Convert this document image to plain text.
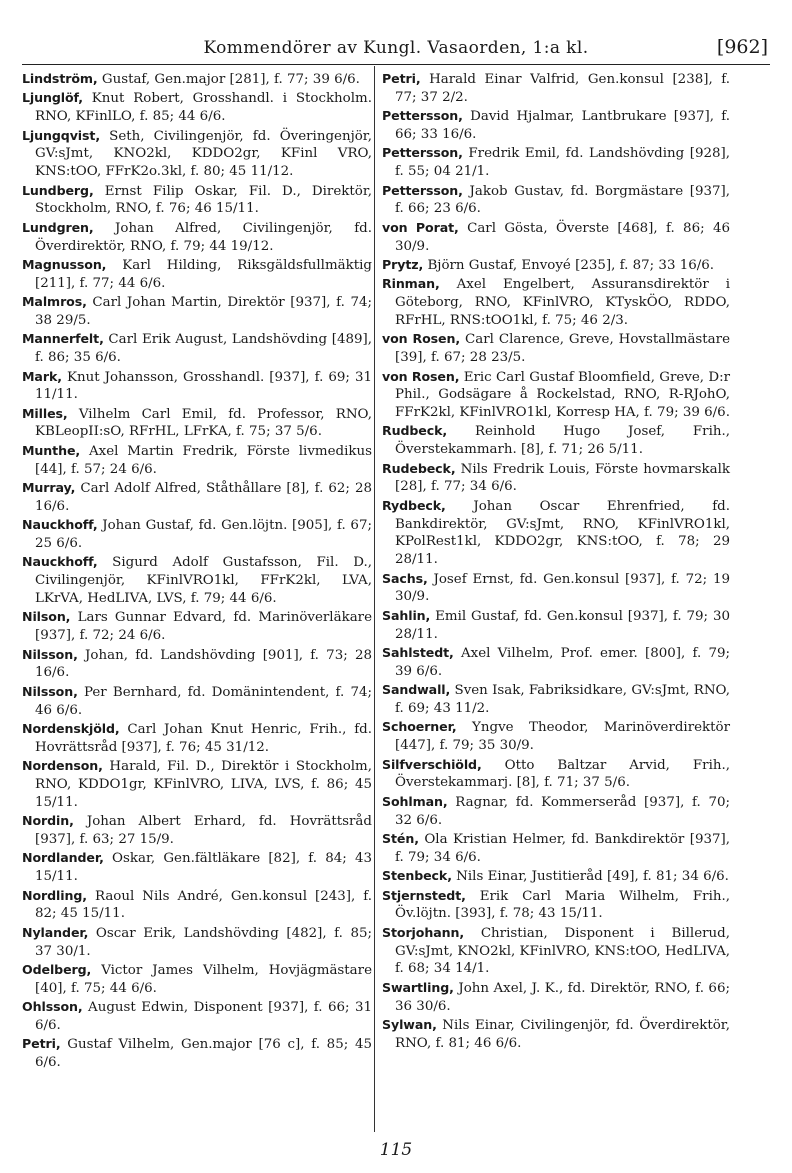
Kommendörer av Kungl. Vasaorden, 1:a kl.	[962]
Lindström, Gustaf, Gen.major [281], f. 77; 39 6/6.
Ljunglöf, Knut Robert, Grosshandl. i Stockholm. RNO, KFinlLO, f. 85; 44 6/6.
Ljungqvist, Seth, Civilingenjör, fd. Överingenjör, GV:sJmt, KNO2kl, KDDO2gr, KFinl VRO, KNS:tOO, FFrK2o.3kl, f. 80; 45 11/12.
Lundberg, Ernst Filip Oskar, Fil. D., Direktör, Stockholm, RNO, f. 76; 46 15/11.
Lundgren, Johan Alfred, Civilingenjör, fd. Överdirektör, RNO, f. 79; 44 19/12.
Magnusson, Karl Hilding, Riksgäldsfullmäktig [211], f. 77; 44 6/6.
Malmros, Carl Johan Martin, Direktör [937], f. 74; 38 29/5.
Mannerfelt, Carl Erik August, Landshövding [489], f. 86; 35 6/6.
Mark, Knut Johansson, Grosshandl. [937], f. 69; 31 11/11.
Milles, Vilhelm Carl Emil, fd. Professor, RNO, KBLeopII:sO, RFrHL, LFrKA, f. 75; 37 5/6.
Munthe, Axel Martin Fredrik, Förste livmedikus [44], f. 57; 24 6/6.
Murray, Carl Adolf Alfred, Ståthållare [8], f. 62; 28 16/6.
Nauckhoff, Johan Gustaf, fd. Gen.löjtn. [905], f. 67; 25 6/6.
Nauckhoff, Sigurd Adolf Gustafsson, Fil. D., Civilingenjör, KFinlVRO1kl, FFrK2kl, LVA, LKrVA, HedLIVA, LVS, f. 79; 44 6/6.
Nilson, Lars Gunnar Edvard, fd. Marinöverläkare [937], f. 72; 24 6/6.
Nilsson, Johan, fd. Landshövding [901], f. 73; 28 16/6.
Nilsson, Per Bernhard, fd. Domänintendent, f. 74; 46 6/6.
Nordenskjöld, Carl Johan Knut Henric, Frih., fd. Hovrättsråd [937], f. 76; 45 31/12.
Nordenson, Harald, Fil. D., Direktör i Stockholm, RNO, KDDO1gr, KFinlVRO, LIVA, LVS, f. 86; 45 15/11.
Nordin, Johan Albert Erhard, fd. Hovrättsråd [937], f. 63; 27 15/9.
Nordlander, Oskar, Gen.fältläkare [82], f. 84; 43 15/11.
Nordling, Raoul Nils André, Gen.konsul [243], f. 82; 45 15/11.
Nylander, Oscar Erik, Landshövding [482], f. 85; 37 30/1.
Odelberg, Victor James Vilhelm, Hovjägmästare [40], f. 75; 44 6/6.
Ohlsson, August Edwin, Disponent [937], f. 66; 31 6/6.
Petri, Gustaf Vilhelm, Gen.major [76 c], f. 85; 45 6/6.
Petri, Harald Einar Valfrid, Gen.konsul [238], f. 77; 37 2/2.
Pettersson, David Hjalmar, Lantbrukare [937], f. 66; 33 16/6.
Pettersson, Fredrik Emil, fd. Landshövding [928], f. 55; 04 21/1.
Pettersson, Jakob Gustav, fd. Borgmästare [937], f. 66; 23 6/6.
von Porat, Carl Gösta, Överste [468], f. 86; 46 30/9.
Prytz, Björn Gustaf, Envoyé [235], f. 87; 33 16/6.
Rinman, Axel Engelbert, Assuransdirektör i Göteborg, RNO, KFinlVRO, KTyskÖO, RDDO, RFrHL, RNS:tOO1kl, f. 75; 46 2/3.
von Rosen, Carl Clarence, Greve, Hovstallmästare [39], f. 67; 28 23/5.
von Rosen, Eric Carl Gustaf Bloomfield, Greve, D:r Phil., Godsägare å Rockelstad, RNO, R-RJohO, FFrK2kl, KFinlVRO1kl, Korresp HA, f. 79; 39 6/6.
Rudbeck, Reinhold Hugo Josef, Frih., Överstekammarh. [8], f. 71; 26 5/11.
Rudebeck, Nils Fredrik Louis, Förste hovmarskalk [28], f. 77; 34 6/6.
Rydbeck, Johan Oscar Ehrenfried, fd. Bankdirektör, GV:sJmt, RNO, KFinlVRO1kl, KPolRest1kl, KDDO2gr, KNS:tOO, f. 78; 29 28/11.
Sachs, Josef Ernst, fd. Gen.konsul [937], f. 72; 19 30/9.
Sahlin, Emil Gustaf, fd. Gen.konsul [937], f. 79; 30 28/11.
Sahlstedt, Axel Vilhelm, Prof. emer. [800], f. 79; 39 6/6.
Sandwall, Sven Isak, Fabriksidkare, GV:sJmt, RNO, f. 69; 43 11/2.
Schoerner, Yngve Theodor, Marinöverdirektör [447], f. 79; 35 30/9.
Silfverschiöld, Otto Baltzar Arvid, Frih., Överstekammarj. [8], f. 71; 37 5/6.
Sohlman, Ragnar, fd. Kommerseråd [937], f. 70; 32 6/6.
Stén, Ola Kristian Helmer, fd. Bankdirektör [937], f. 79; 34 6/6.
Stenbeck, Nils Einar, Justitieråd [49], f. 81; 34 6/6.
Stjernstedt, Erik Carl Maria Wilhelm, Frih., Öv.löjtn. [393], f. 78; 43 15/11.
Storjohann, Christian, Disponent i Billerud, GV:sJmt, KNO2kl, KFinlVRO, KNS:tOO, HedLIVA, f. 68; 34 14/1.
Swartling, John Axel, J. K., fd. Direktör, RNO, f. 66; 36 30/6.
Sylwan, Nils Einar, Civilingenjör, fd. Överdirektör, RNO, f. 81; 46 6/6.
115
